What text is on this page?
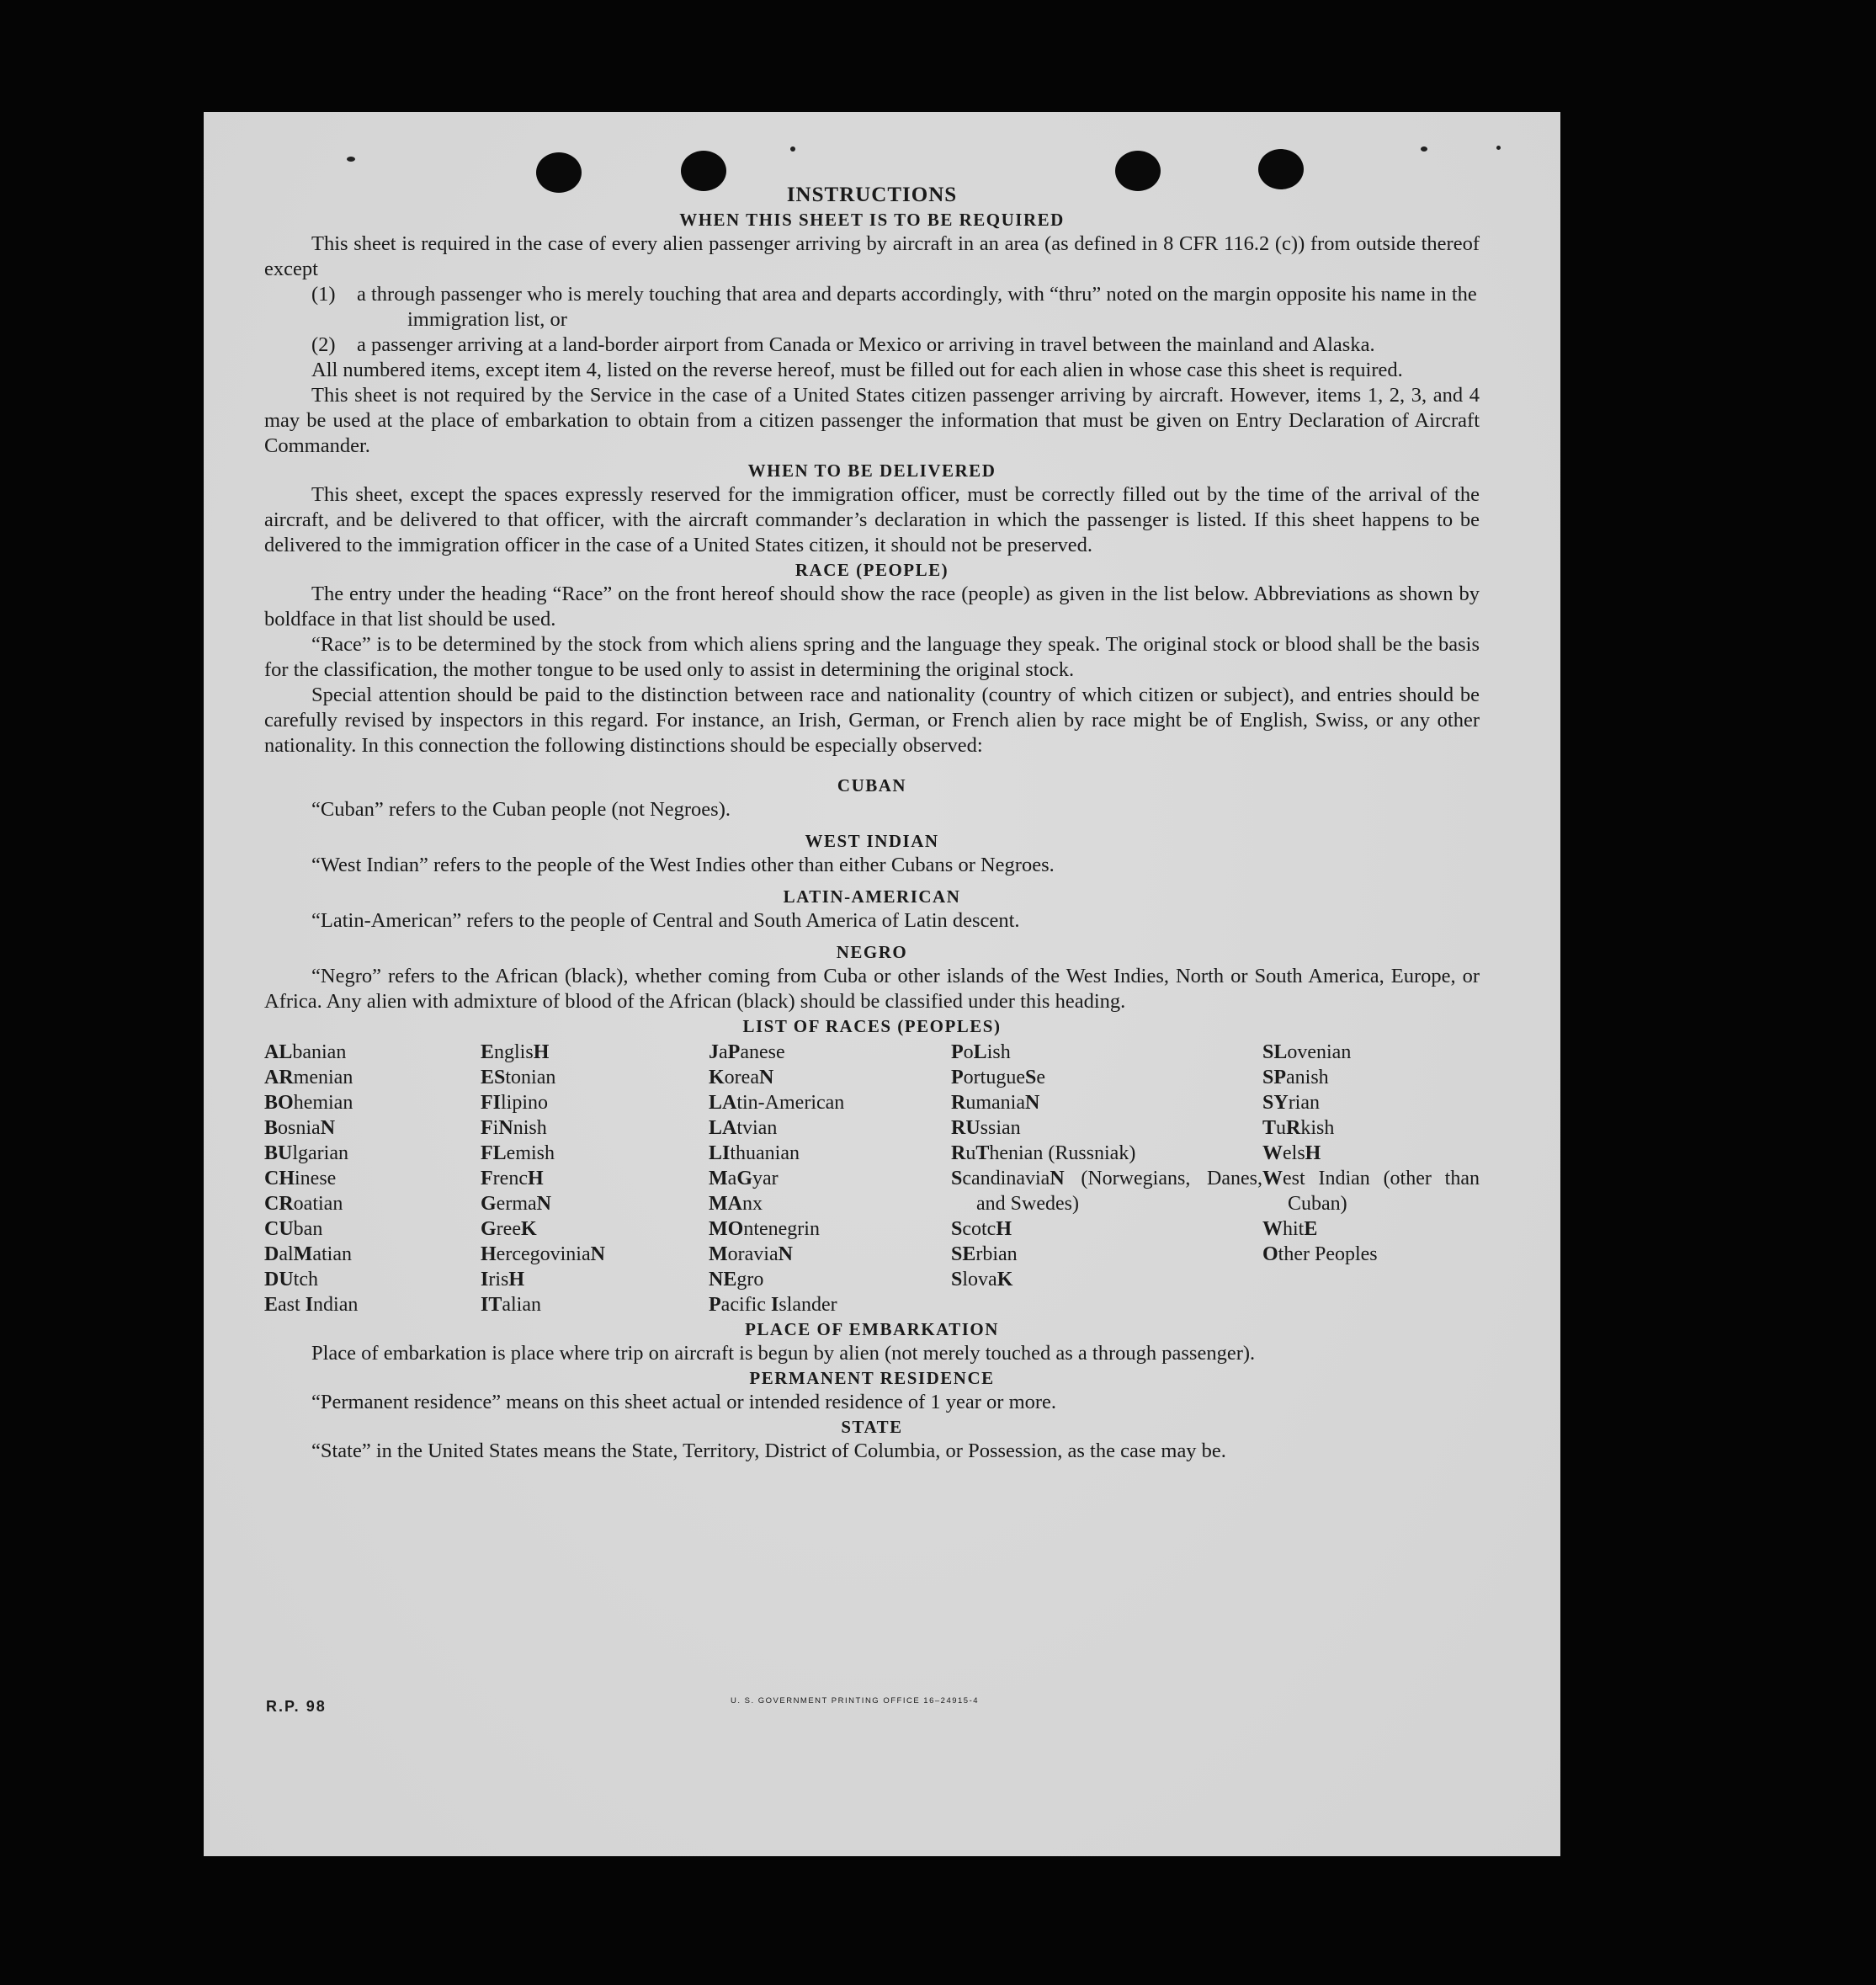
INSTRUCTIONS
WHEN THIS SHEET IS TO BE REQUIRED

This sheet is required in the case of every alien passenger arriving by aircraft in an area (as defined in 8 CFR 116.2 (c)) from outside thereof except

(1) a through passenger who is merely touching that area and departs accordingly, with “thru” noted on the margin opposite his name in the immigration list, or

(2) a passenger arriving at a land-border airport from Canada or Mexico or arriving in travel between the mainland and Alaska.

All numbered items, except item 4, listed on the reverse hereof, must be filled out for each alien in whose case this sheet is required.

This sheet is not required by the Service in the case of a United States citizen passenger arriving by aircraft. However, items 1, 2, 3, and 4 may be used at the place of embarkation to obtain from a citizen passenger the information that must be given on Entry Declaration of Aircraft Commander.

WHEN TO BE DELIVERED

This sheet, except the spaces expressly reserved for the immigration officer, must be correctly filled out by the time of the arrival of the aircraft, and be delivered to that officer, with the aircraft commander’s declaration in which the passenger is listed. If this sheet happens to be delivered to the immigration officer in the case of a United States citizen, it should not be preserved.

RACE (PEOPLE)

The entry under the heading “Race” on the front hereof should show the race (people) as given in the list below. Abbreviations as shown by boldface in that list should be used.

“Race” is to be determined by the stock from which aliens spring and the language they speak. The original stock or blood shall be the basis for the classification, the mother tongue to be used only to assist in determining the original stock.

Special attention should be paid to the distinction between race and nationality (country of which citizen or subject), and entries should be carefully revised by inspectors in this regard. For instance, an Irish, German, or French alien by race might be of English, Swiss, or any other nationality. In this connection the following distinctions should be especially observed:

CUBAN

“Cuban” refers to the Cuban people (not Negroes).

WEST INDIAN

“West Indian” refers to the people of the West Indies other than either Cubans or Negroes.

LATIN-AMERICAN

“Latin-American” refers to the people of Central and South America of Latin descent.

NEGRO

“Negro” refers to the African (black), whether coming from Cuba or other islands of the West Indies, North or South America, Europe, or Africa. Any alien with admixture of blood of the African (black) should be classified under this heading.

LIST OF RACES (PEOPLES)
ALbanian
ARmenian
BOhemian
BosniaN
BUlgarian
CHinese
CRoatian
CUban
DalMatian
DUtch
East Indian
EnglisH
EStonian
FIlipino
FiNnish
FLemish
FrencH
GermaN
GreeK
HercegoviniaN
IrisH
ITalian
JaPanese
KoreaN
LAtin-American
LAtvian
LIthuanian
MaGyar
MAnx
MOntenegrin
MoraviaN
NEgro
Pacific Islander
PoLish
PortugueSe
RumaniaN
RUssian
RuThenian (Russniak)
ScandinaviaN (Norwegians, Danes, and Swedes)
ScotcH
SErbian
SlovaK
SLovenian
SPanish
SYrian
TuRkish
WelsH
West Indian (other than Cuban)
WhitE
Other Peoples
PLACE OF EMBARKATION

Place of embarkation is place where trip on aircraft is begun by alien (not merely touched as a through passenger).

PERMANENT RESIDENCE

“Permanent residence” means on this sheet actual or intended residence of 1 year or more.

STATE

“State” in the United States means the State, Territory, District of Columbia, or Possession, as the case may be.

R.P. 98	U. S. GOVERNMENT PRINTING OFFICE 16–24915-4
